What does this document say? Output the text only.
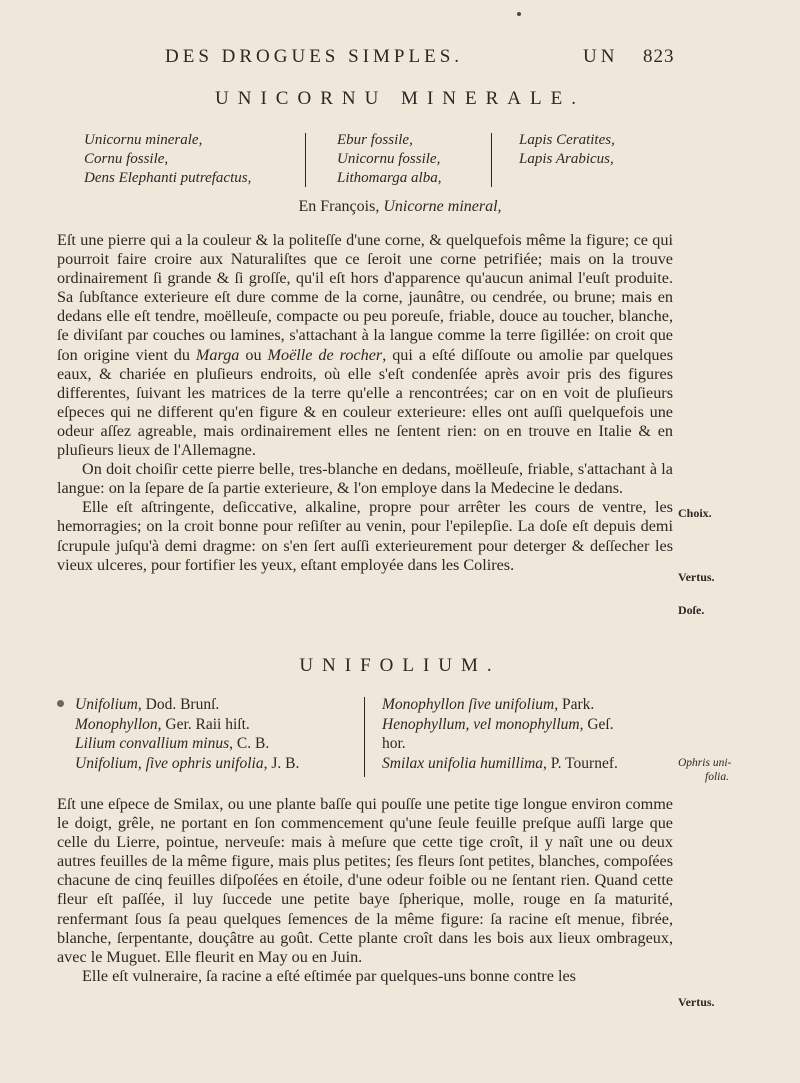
DES DROGUES SIMPLES.	UN 823
UNICORNU MINERALE.
Unicornu minerale,
Cornu fossile,
Dens Elephanti putrefactus,
Ebur fossile,
Unicornu fossile,
Lithomarga alba,
Lapis Ceratites,
Lapis Arabicus,
En François, Unicorne mineral,

Eſt une pierre qui a la couleur & la politeſſe d'une corne, & quelquefois même la figure; ce qui pourroit faire croire aux Naturaliſtes que ce ſeroit une corne petrifiée; mais on la trouve ordinairement ſi grande & ſi groſſe, qu'il eſt hors d'apparence qu'aucun animal l'euſt produite. Sa ſubſtance exterieure eſt dure comme de la corne, jaunâtre, ou cendrée, ou brune; mais en dedans elle eſt tendre, moëlleuſe, compacte ou peu poreuſe, friable, douce au toucher, blanche, ſe diviſant par couches ou lamines, s'attachant à la langue comme la terre ſigillée: on croit que ſon origine vient du Marga ou Moëlle de rocher, qui a eſté diſſoute ou amolie par quelques eaux, & chariée en pluſieurs endroits, où elle s'eſt condenſée après avoir pris des figures differentes, ſuivant les matrices de la terre qu'elle a rencontrées; car on en voit de pluſieurs eſpeces qui ne different qu'en figure & en couleur exterieure: elles ont auſſi quelquefois une odeur aſſez agreable, mais ordinairement elles ne ſentent rien: on en trouve en Italie & en pluſieurs lieux de l'Allemagne.

On doit choiſir cette pierre belle, tres-blanche en dedans, moëlleuſe, friable, s'attachant à la langue: on la ſepare de ſa partie exterieure, & l'on employe dans la Medecine le dedans.

Elle eſt aſtringente, deſiccative, alkaline, propre pour arrêter les cours de ventre, les hemorragies; on la croit bonne pour reſiſter au venin, pour l'epilepſie. La doſe eſt depuis demi ſcrupule juſqu'à demi dragme: on s'en ſert auſſi exterieurement pour deterger & deſſecher les vieux ulceres, pour fortifier les yeux, eſtant employée dans les Colires.

Choix.
Vertus.
Doſe.
UNIFOLIUM.
Unifolium, Dod. Brunſ.
Monophyllon, Ger. Raii hiſt.
Lilium convallium minus, C. B.
Unifolium, ſive ophris unifolia, J. B.
Monophyllon ſive unifolium, Park.
Henophyllum, vel monophyllum, Geſ.
hor.
Smilax unifolia humillima, P. Tournef.	Ophris uni-
folia.

Eſt une eſpece de Smilax, ou une plante baſſe qui pouſſe une petite tige longue environ comme le doigt, grêle, ne portant en ſon commencement qu'une ſeule feuille preſque auſſi large que celle du Lierre, pointue, nerveuſe: mais à meſure que cette tige croît, il y naît une ou deux autres feuilles de la même figure, mais plus petites; ſes fleurs ſont petites, blanches, compoſées chacune de cinq feuilles diſpoſées en étoile, d'une odeur foible ou ne ſentant rien. Quand cette fleur eſt paſſée, il luy ſuccede une petite baye ſpherique, molle, rouge en ſa maturité, renfermant ſous ſa peau quelques ſemences de la même figure: ſa racine eſt menue, fibrée, blanche, ſerpentante, douçâtre au goût. Cette plante croît dans les bois aux lieux ombrageux, avec le Muguet. Elle fleurit en May ou en Juin.

Elle eſt vulneraire, ſa racine a eſté eſtimée par quelques-uns bonne contre les

Vertus.
